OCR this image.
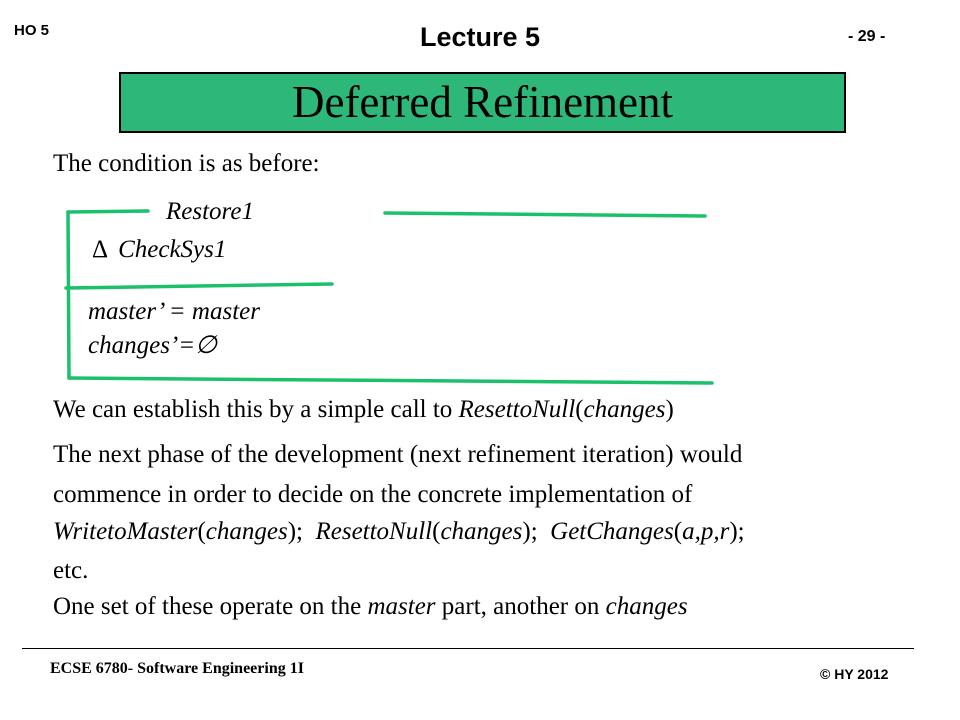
HO 5	Lecture 5	- 29 -
Deferred Refinement
The condition is as before:
Restore1
Δ CheckSys1
master’ = master
changes’=∅
We can establish this by a simple call to ResettoNull(changes)
The next phase of the development (next refinement iteration) would
commence in order to decide on the concrete implementation of
WritetoMaster(changes);  ResettoNull(changes);  GetChanges(a,p,r);
etc.
One set of these operate on the master part, another on changes
ECSE 6780- Software Engineering 1I	© HY 2012
